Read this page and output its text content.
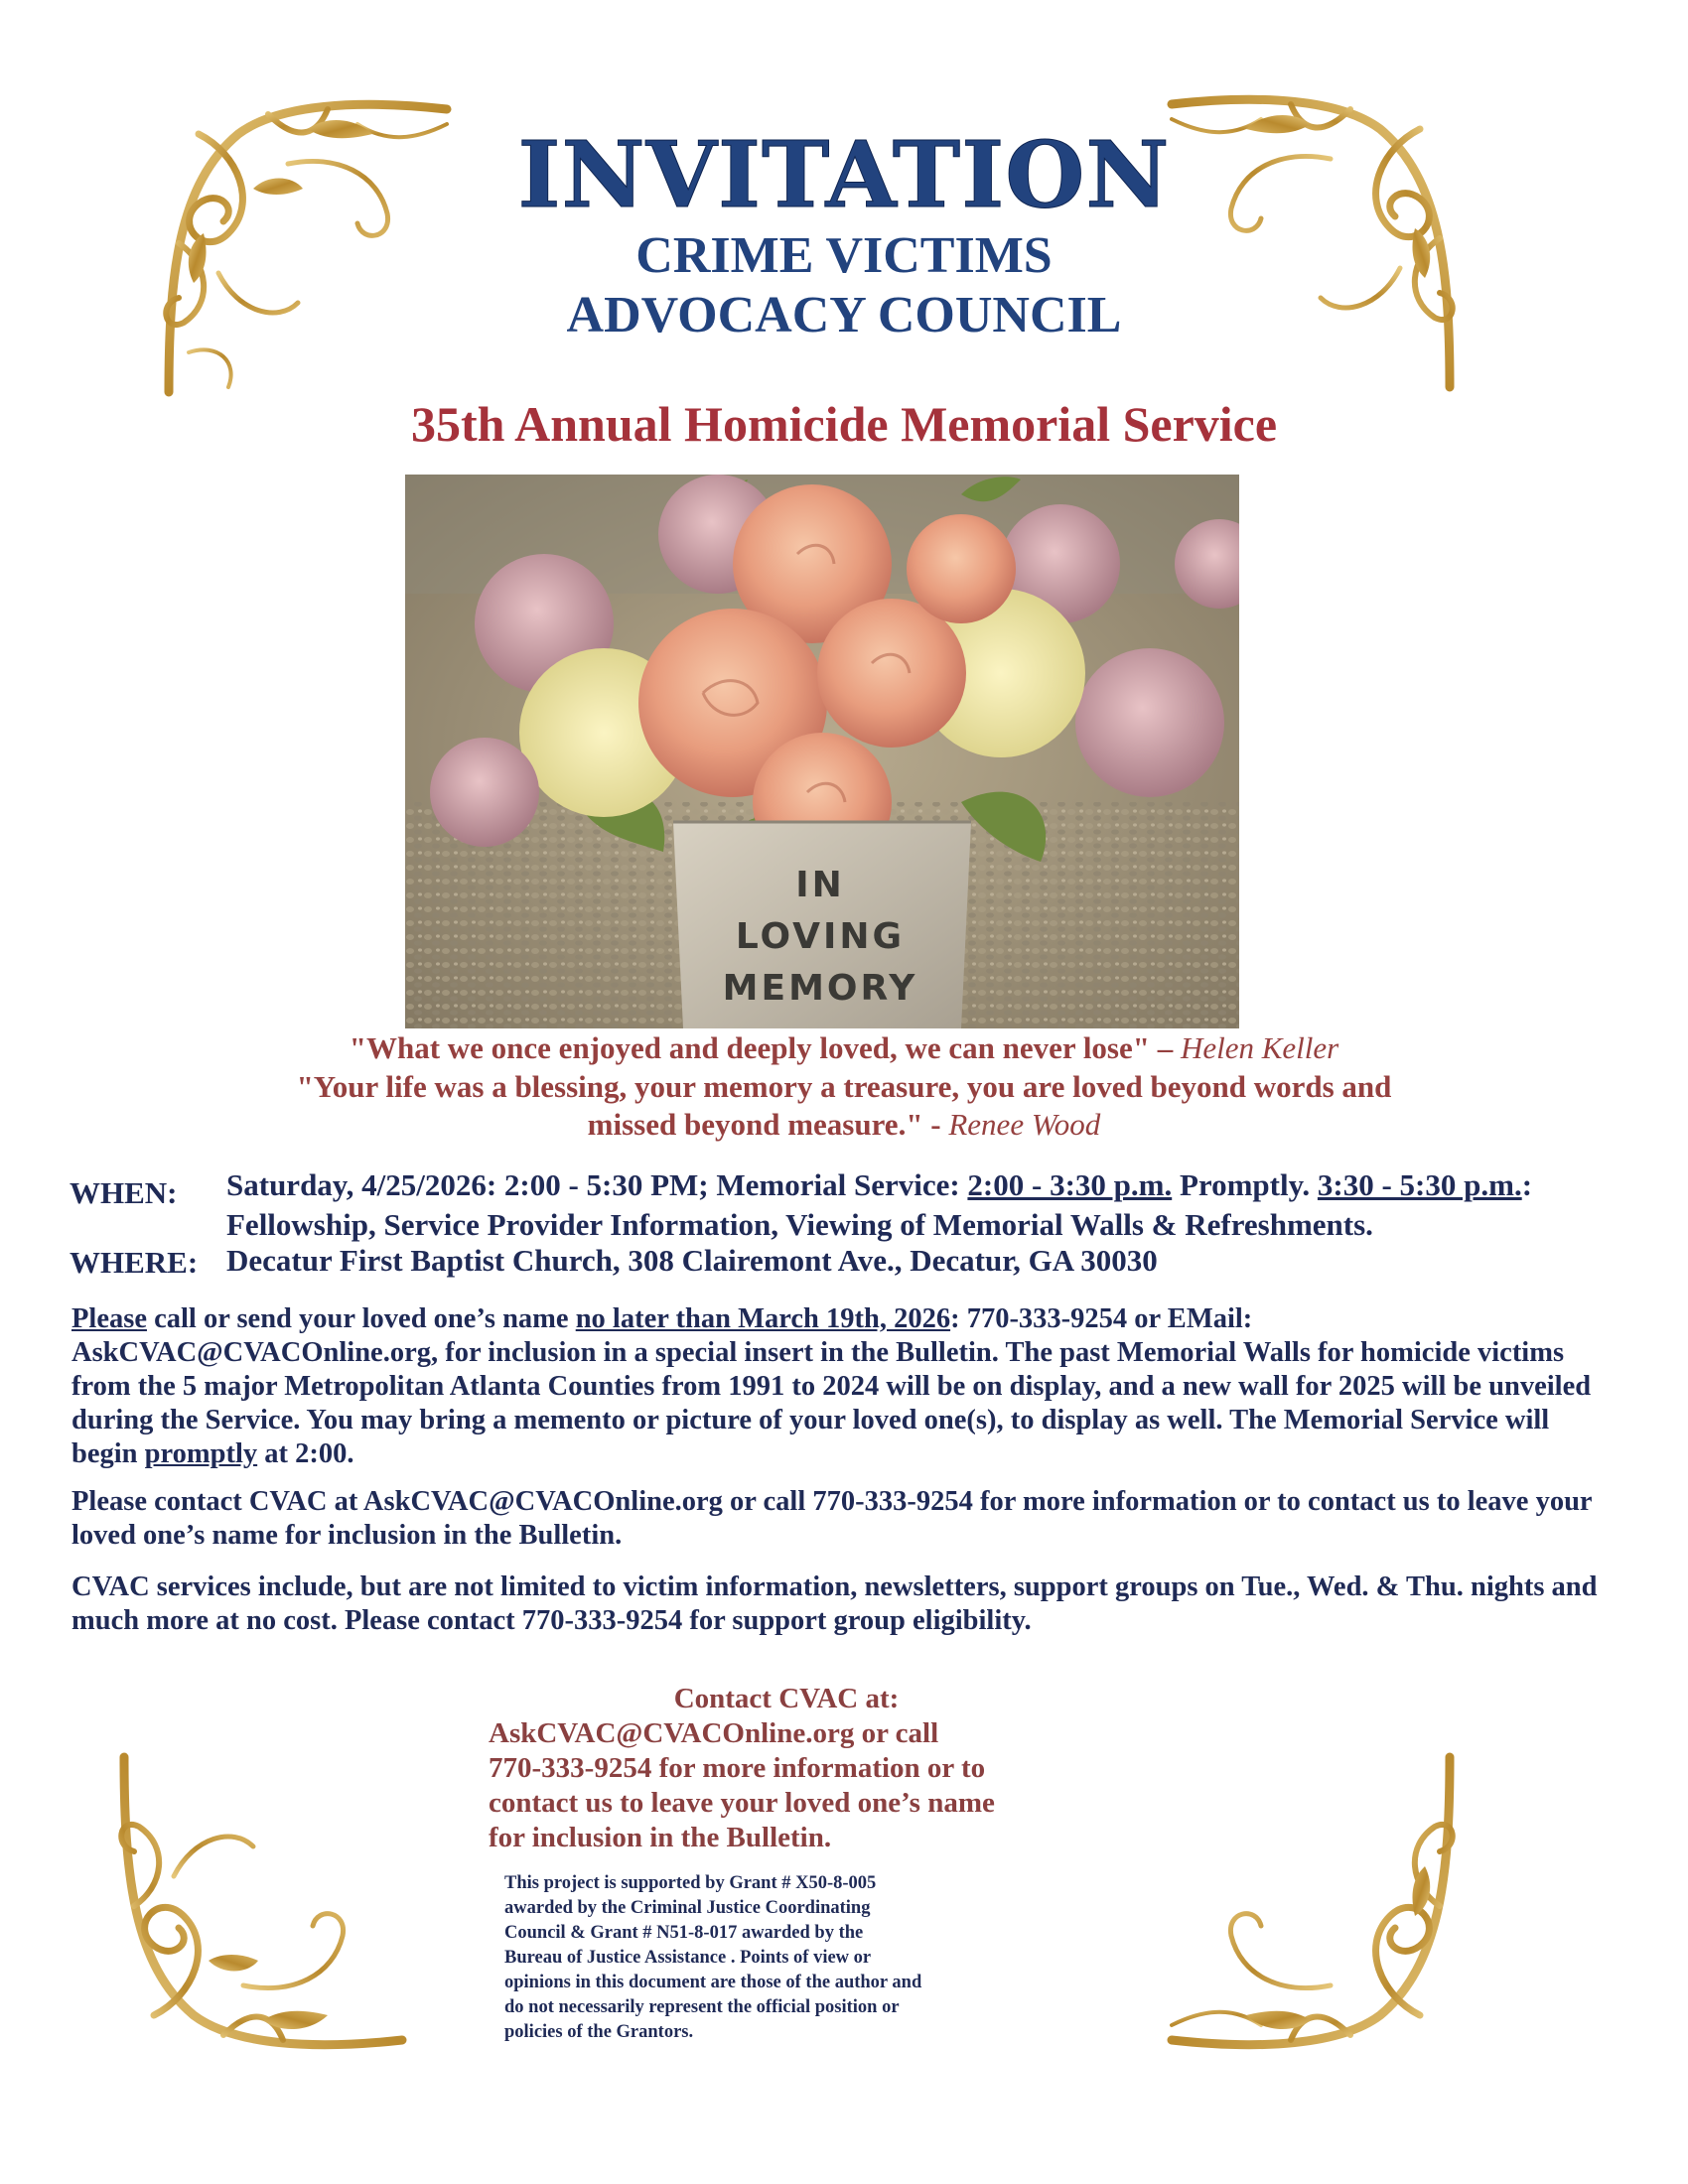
INVITATION
CRIME VICTIMS
ADVOCACY COUNCIL
35th Annual Homicide Memorial Service
IN
LOVING
MEMORY
"What we once enjoyed and deeply loved, we can never lose" – Helen Keller
"Your life was a blessing, your memory a treasure, you are loved beyond words and
missed beyond measure." - Renee Wood
WHEN: Saturday, 4/25/2026: 2:00 - 5:30 PM; Memorial Service: 2:00 - 3:30 p.m. Promptly. 3:30 - 5:30 p.m.: Fellowship, Service Provider Information, Viewing of Memorial Walls & Refreshments.
WHERE: Decatur First Baptist Church, 308 Clairemont Ave., Decatur, GA 30030
Please call or send your loved one’s name no later than March 19th, 2026: 770-333-9254 or EMail: AskCVAC@CVACOnline.org, for inclusion in a special insert in the Bulletin. The past Memorial Walls for homicide victims from the 5 major Metropolitan Atlanta Counties from 1991 to 2024 will be on display, and a new wall for 2025 will be unveiled during the Service. You may bring a memento or picture of your loved one(s), to display as well. The Memorial Service will begin promptly at 2:00.
Please contact CVAC at AskCVAC@CVACOnline.org or call 770-333-9254 for more information or to contact us to leave your loved one’s name for inclusion in the Bulletin.
CVAC services include, but are not limited to victim information, newsletters, support groups on Tue., Wed. & Thu. nights and much more at no cost. Please contact 770-333-9254 for support group eligibility.
Contact CVAC at:
AskCVAC@CVACOnline.org or call
770-333-9254 for more information or to
contact us to leave your loved one’s name
for inclusion in the Bulletin.
This project is supported by Grant # X50-8-005
awarded by the Criminal Justice Coordinating
Council & Grant # N51-8-017 awarded by the
Bureau of Justice Assistance . Points of view or
opinions in this document are those of the author and
do not necessarily represent the official position or
policies of the Grantors.
